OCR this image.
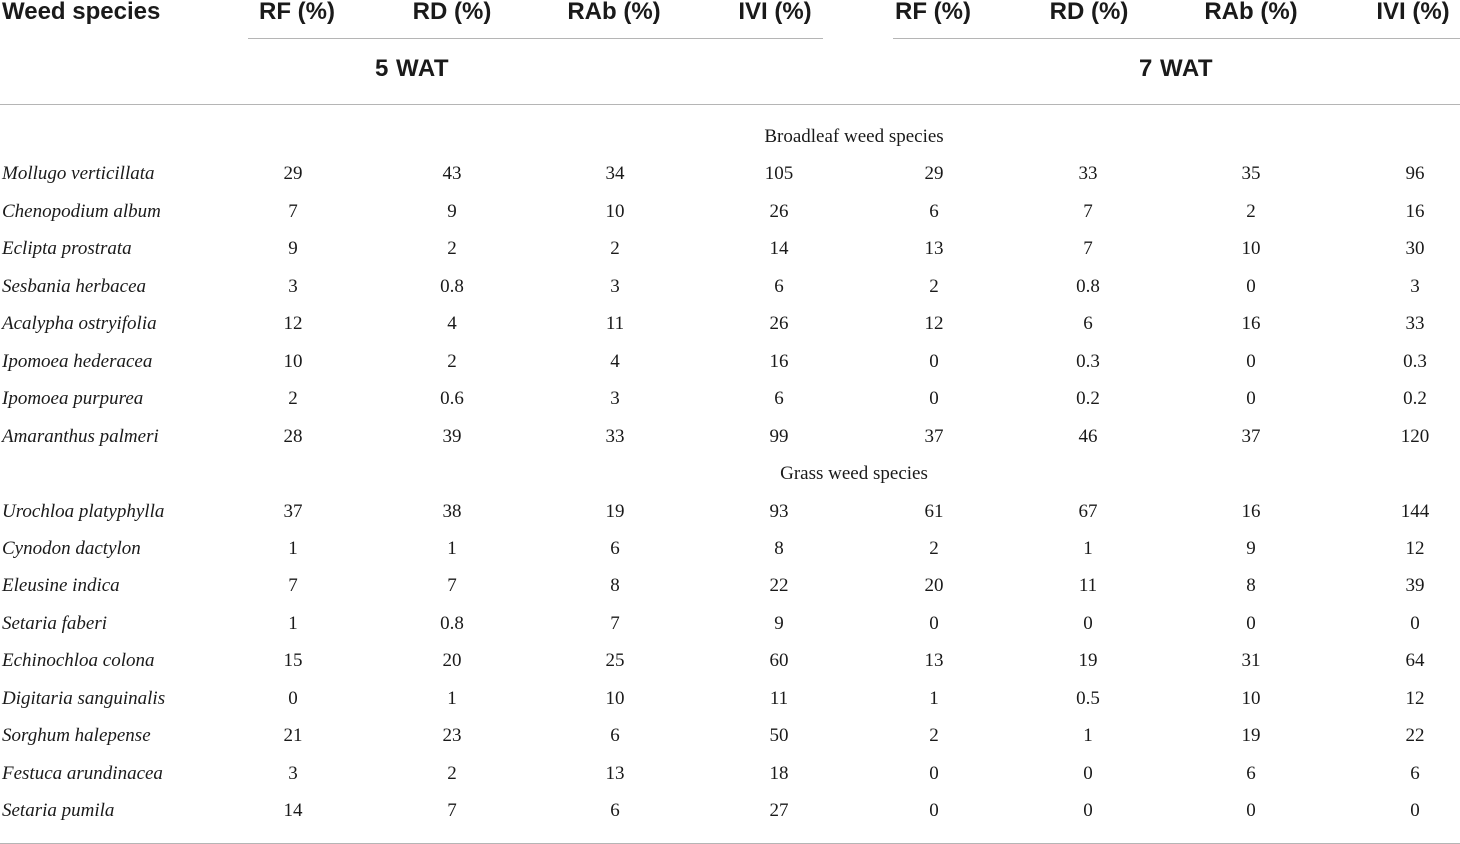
Weed species	RF (%)	RD (%)	RAb (%)	IVI (%)	RF (%)	RD (%)	RAb (%)	IVI (%)
5 WAT	7 WAT
Broadleaf weed species
Mollugo verticillata	29	43	34	105	29	33	35	96
Chenopodium album	7	9	10	26	6	7	2	16
Eclipta prostrata	9	2	2	14	13	7	10	30
Sesbania herbacea	3	0.8	3	6	2	0.8	0	3
Acalypha ostryifolia	12	4	11	26	12	6	16	33
Ipomoea hederacea	10	2	4	16	0	0.3	0	0.3
Ipomoea purpurea	2	0.6	3	6	0	0.2	0	0.2
Amaranthus palmeri	28	39	33	99	37	46	37	120
Grass weed species
Urochloa platyphylla	37	38	19	93	61	67	16	144
Cynodon dactylon	1	1	6	8	2	1	9	12
Eleusine indica	7	7	8	22	20	11	8	39
Setaria faberi	1	0.8	7	9	0	0	0	0
Echinochloa colona	15	20	25	60	13	19	31	64
Digitaria sanguinalis	0	1	10	11	1	0.5	10	12
Sorghum halepense	21	23	6	50	2	1	19	22
Festuca arundinacea	3	2	13	18	0	0	6	6
Setaria pumila	14	7	6	27	0	0	0	0
